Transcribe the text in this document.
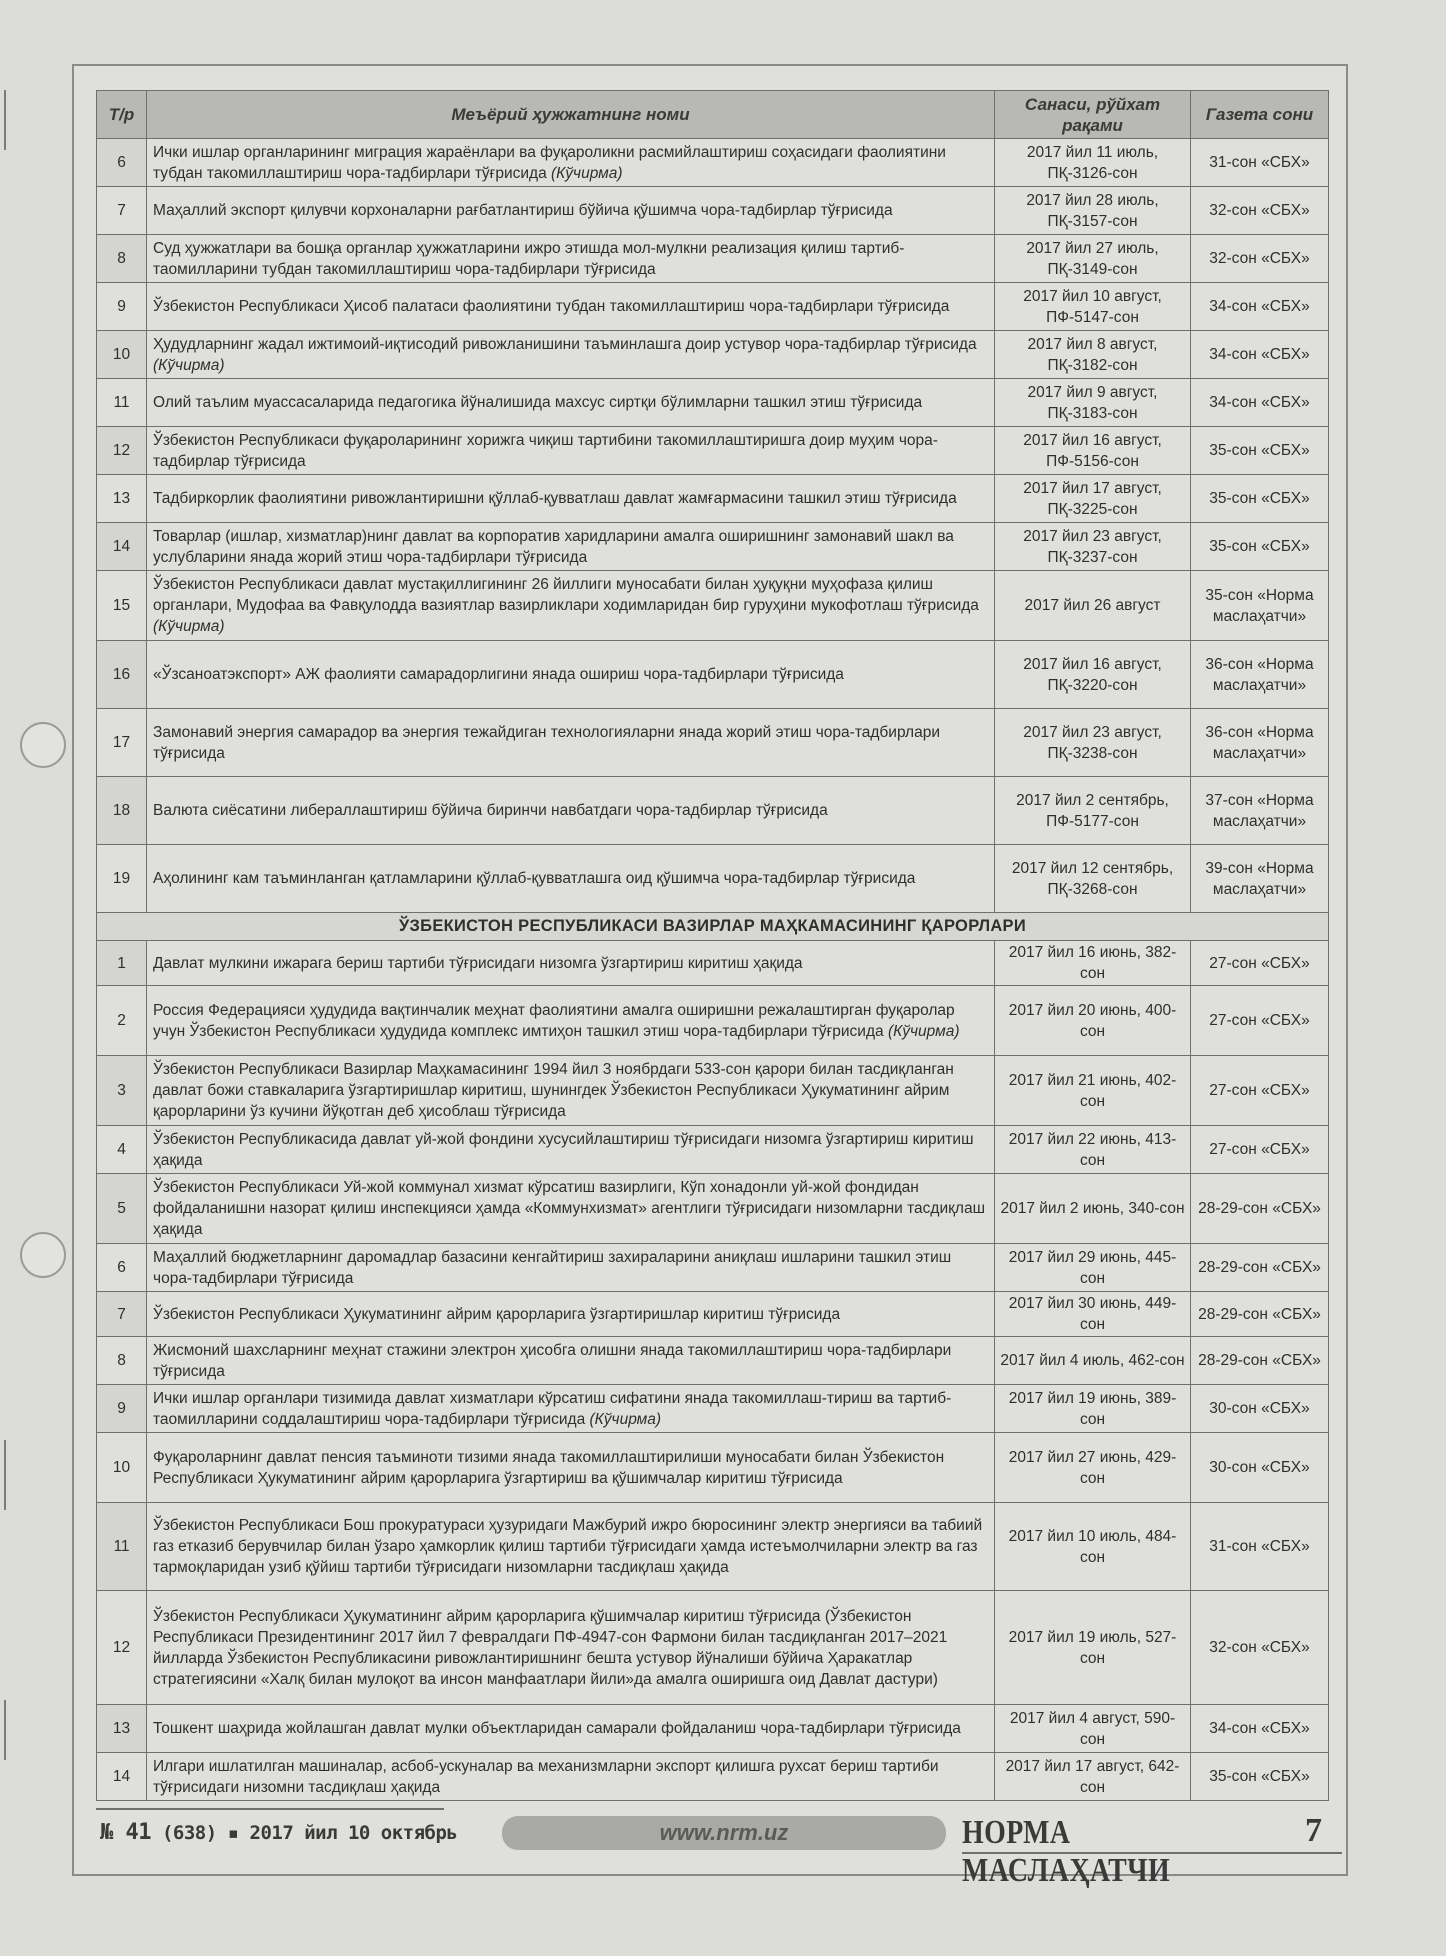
Т/р	Меъёрий ҳужжатнинг номи	Санаси, рўйхат рақами	Газета сони
6	Ички ишлар органларининг миграция жараёнлари ва фуқароликни расмийлаштириш соҳасидаги фаолиятини тубдан такомиллаштириш чора-тадбирлари тўғрисида (Кўчирма)	2017 йил 11 июль, ПҚ-3126-сон	31-сон «СБХ»
7	Маҳаллий экспорт қилувчи корхоналарни рағбатлантириш бўйича қўшимча чора-тадбирлар тўғрисида	2017 йил 28 июль, ПҚ-3157-сон	32-сон «СБХ»
8	Суд ҳужжатлари ва бошқа органлар ҳужжатларини ижро этишда мол-мулкни реализация қилиш тартиб-таомилларини тубдан такомиллаштириш чора-тадбирлари тўғрисида	2017 йил 27 июль, ПҚ-3149-сон	32-сон «СБХ»
9	Ўзбекистон Республикаси Ҳисоб палатаси фаолиятини тубдан такомиллаштириш чора-тадбирлари тўғрисида	2017 йил 10 август, ПФ-5147-сон	34-сон «СБХ»
10	Ҳудудларнинг жадал ижтимоий-иқтисодий ривожланишини таъминлашга доир устувор чора-тадбирлар тўғрисида (Кўчирма)	2017 йил 8 август, ПҚ-3182-сон	34-сон «СБХ»
11	Олий таълим муассасаларида педагогика йўналишида махсус сиртқи бўлимларни ташкил этиш тўғрисида	2017 йил 9 август, ПҚ-3183-сон	34-сон «СБХ»
12	Ўзбекистон Республикаси фуқароларининг хорижга чиқиш тартибини такомиллаштиришга доир муҳим чора-тадбирлар тўғрисида	2017 йил 16 август, ПФ-5156-сон	35-сон «СБХ»
13	Тадбиркорлик фаолиятини ривожлантиришни қўллаб-қувватлаш давлат жамғармасини ташкил этиш тўғрисида	2017 йил 17 август, ПҚ-3225-сон	35-сон «СБХ»
14	Товарлар (ишлар, хизматлар)нинг давлат ва корпоратив харидларини амалга оширишнинг замонавий шакл ва услубларини янада жорий этиш чора-тадбирлари тўғрисида	2017 йил 23 август, ПҚ-3237-сон	35-сон «СБХ»
15	Ўзбекистон Республикаси давлат мустақиллигининг 26 йиллиги муносабати билан ҳуқуқни муҳофаза қилиш органлари, Мудофаа ва Фавқулодда вазиятлар вазирликлари ходимларидан бир гуруҳини мукофотлаш тўғрисида (Кўчирма)	2017 йил 26 август	35-сон «Норма маслаҳатчи»
16	«Ўзсаноатэкспорт» АЖ фаолияти самарадорлигини янада ошириш чора-тадбирлари тўғрисида	2017 йил 16 август, ПҚ-3220-сон	36-сон «Норма маслаҳатчи»
17	Замонавий энергия самарадор ва энергия тежайдиган технологияларни янада жорий этиш чора-тадбирлари тўғрисида	2017 йил 23 август, ПҚ-3238-сон	36-сон «Норма маслаҳатчи»
18	Валюта сиёсатини либераллаштириш бўйича биринчи навбатдаги чора-тадбирлар тўғрисида	2017 йил 2 сентябрь, ПФ-5177-сон	37-сон «Норма маслаҳатчи»
19	Аҳолининг кам таъминланган қатламларини қўллаб-қувватлашга оид қўшимча чора-тадбирлар тўғрисида	2017 йил 12 сентябрь, ПҚ-3268-сон	39-сон «Норма маслаҳатчи»
ЎЗБЕКИСТОН РЕСПУБЛИКАСИ ВАЗИРЛАР МАҲКАМАСИНИНГ ҚАРОРЛАРИ			
1	Давлат мулкини ижарага бериш тартиби тўғрисидаги низомга ўзгартириш киритиш ҳақида	2017 йил 16 июнь, 382-сон	27-сон «СБХ»
2	Россия Федерацияси ҳудудида вақтинчалик меҳнат фаолиятини амалга оширишни режалаштирган фуқаролар учун Ўзбекистон Республикаси ҳудудида комплекс имтиҳон ташкил этиш чора-тадбирлари тўғрисида (Кўчирма)	2017 йил 20 июнь, 400-сон	27-сон «СБХ»
3	Ўзбекистон Республикаси Вазирлар Маҳкамасининг 1994 йил 3 ноябрдаги 533-сон қарори билан тасдиқланган давлат божи ставкаларига ўзгартиришлар киритиш, шунингдек Ўзбекистон Республикаси Ҳукуматининг айрим қарорларини ўз кучини йўқотган деб ҳисоблаш тўғрисида	2017 йил 21 июнь, 402-сон	27-сон «СБХ»
4	Ўзбекистон Республикасида давлат уй-жой фондини хусусийлаштириш тўғрисидаги низомга ўзгартириш киритиш ҳақида	2017 йил 22 июнь, 413-сон	27-сон «СБХ»
5	Ўзбекистон Республикаси Уй-жой коммунал хизмат кўрсатиш вазирлиги, Кўп хонадонли уй-жой фондидан фойдаланишни назорат қилиш инспекцияси ҳамда «Коммунхизмат» агентлиги тўғрисидаги низомларни тасдиқлаш ҳақида	2017 йил 2 июнь, 340-сон	28-29-сон «СБХ»
6	Маҳаллий бюджетларнинг даромадлар базасини кенгайтириш захираларини аниқлаш ишларини ташкил этиш чора-тадбирлари тўғрисида	2017 йил 29 июнь, 445-сон	28-29-сон «СБХ»
7	Ўзбекистон Республикаси Ҳукуматининг айрим қарорларига ўзгартиришлар киритиш тўғрисида	2017 йил 30 июнь, 449-сон	28-29-сон «СБХ»
8	Жисмоний шахсларнинг меҳнат стажини электрон ҳисобга олишни янада такомиллаштириш чора-тадбирлари тўғрисида	2017 йил 4 июль, 462-сон	28-29-сон «СБХ»
9	Ички ишлар органлари тизимида давлат хизматлари кўрсатиш сифатини янада такомиллаш-тириш ва тартиб-таомилларини соддалаштириш чора-тадбирлари тўғрисида (Кўчирма)	2017 йил 19 июнь, 389-сон	30-сон «СБХ»
10	Фуқароларнинг давлат пенсия таъминоти тизими янада такомиллаштирилиши муносабати билан Ўзбекистон Республикаси Ҳукуматининг айрим қарорларига ўзгартириш ва қўшимчалар киритиш тўғрисида	2017 йил 27 июнь, 429-сон	30-сон «СБХ»
11	Ўзбекистон Республикаси Бош прокуратураси ҳузуридаги Мажбурий ижро бюросининг электр энергияси ва табиий газ етказиб берувчилар билан ўзаро ҳамкорлик қилиш тартиби тўғрисидаги ҳамда истеъмолчиларни электр ва газ тармоқларидан узиб қўйиш тартиби тўғрисидаги низомларни тасдиқлаш ҳақида	2017 йил 10 июль, 484-сон	31-сон «СБХ»
12	Ўзбекистон Республикаси Ҳукуматининг айрим қарорларига қўшимчалар киритиш тўғрисида (Ўзбекистон Республикаси Президентининг 2017 йил 7 февралдаги ПФ-4947-сон Фармони билан тасдиқланган 2017–2021 йилларда Ўзбекистон Республикасини ривожлантиришнинг бешта устувор йўналиши бўйича Ҳаракатлар стратегиясини «Халқ билан мулоқот ва инсон манфаатлари йили»да амалга оширишга оид Давлат дастури)	2017 йил 19 июль, 527-сон	32-сон «СБХ»
13	Тошкент шаҳрида жойлашган давлат мулки объектларидан самарали фойдаланиш чора-тадбирлари тўғрисида	2017 йил 4 август, 590-сон	34-сон «СБХ»
14	Илгари ишлатилган машиналар, асбоб-ускуналар ва механизмларни экспорт қилишга рухсат бериш тартиби тўғрисидаги низомни тасдиқлаш ҳақида	2017 йил 17 август, 642-сон	35-сон «СБХ»
№ 41 (638) ▪ 2017 йил 10 октябрь	www.nrm.uz	НОРМА МАСЛАҲАТЧИ
7
